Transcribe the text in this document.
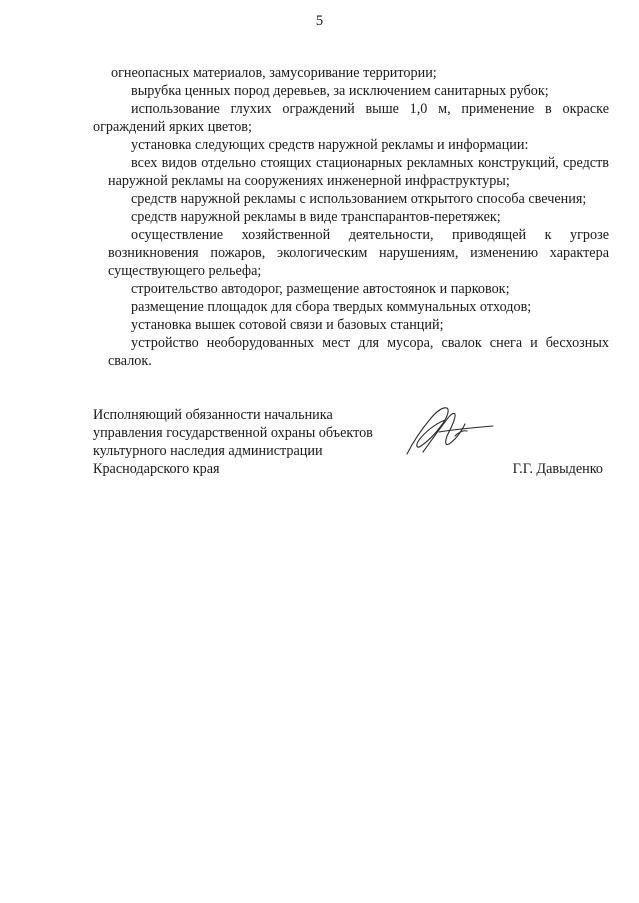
5

огнеопасных материалов, замусоривание территории;

вырубка ценных пород деревьев, за исключением санитарных рубок;

использование глухих ограждений выше 1,0 м, применение в окраске ограждений ярких цветов;

установка следующих средств наружной рекламы и информации:

всех видов отдельно стоящих стационарных рекламных конструкций, средств наружной рекламы на сооружениях инженерной инфраструктуры;

средств наружной рекламы с использованием открытого способа свечения;

средств наружной рекламы в виде транспарантов-перетяжек;

осуществление хозяйственной деятельности, приводящей к угрозе возникновения пожаров, экологическим нарушениям, изменению характера существующего рельефа;

строительство автодорог, размещение автостоянок и парковок;

размещение площадок для сбора твердых коммунальных отходов;

установка вышек сотовой связи и базовых станций;

устройство необорудованных мест для мусора, свалок снега и бесхозных свалок.

Исполняющий обязанности начальника
управления государственной охраны объектов
культурного наследия администрации
Краснодарского края	Г.Г. Давыденко
